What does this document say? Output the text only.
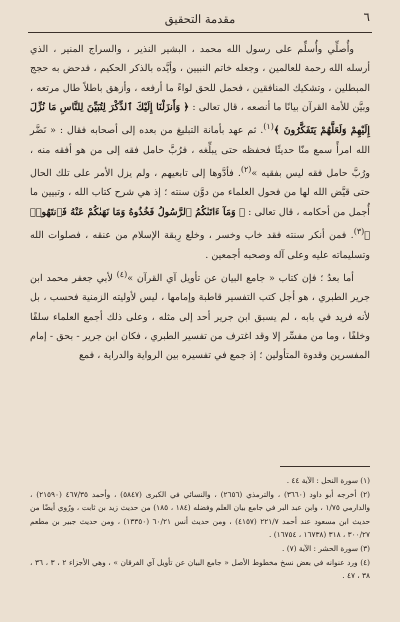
٦
مقدمة التحقيق

وأُصلِّي وأُسلِّم على رسول الله محمد ، البشير النذير ، والسراج المنير ، الذي أرسله الله رحمة للعالمين ، وجعله خاتم النبيين ، وأيَّده بالذكر الحكيم ، فدحض به حجج المبطلين ، وتشكيك المنافقين ، فحمل للحق لواءً ما أرفعه ، وأزهق باطلاً طال مرتعه ، وبيَّن للأمة القرآن بيانًا ما أنصعه ، قال تعالى : ﴿ وَأَنزَلْنَا إِلَيْكَ ٱلذِّكْرَ لِتُبَيِّنَ لِلنَّاسِ مَا نُزِّلَ إِلَيْهِمْ وَلَعَلَّهُمْ يَتَفَكَّرُونَ ﴾$^{(١)}$. ثم عهد بأمانة التبليغ من بعده إلى أصحابه فقال : « نَضَّر الله امرأً سمع منّا حديثًا فحفظه حتى يبلِّغه ، فرُبَّ حامل فقه إلى من هو أفقه منه ، ورُبَّ حامل فقه ليس بفقيه »$^{(٢)}$. فأدَّوها إلى تابعيهم ، ولم يزل الأمر على تلك الحال حتى قيَّض الله لها من فحول العلماء من دوَّن سنته ؛ إذ هي شرح كتاب الله ، وتبيين ما أُجمل من أحكامه ، قال تعالى : ﴿ وَمَآ ءَاتَىٰكُمُ ٱلرَّسُولُ فَخُذُوهُ وَمَا نَهَىٰكُمْ عَنْهُ فَٱنتَهُوا۟ ﴾$^{(٣)}$. فمن أنكر سنته فقد خاب وخسر ، وخلع رِبقة الإسلام من عنقه ، فصلوات الله وتسليماته عليه وعلى آله وصحبه أجمعين .

أما بعدُ ؛ فإن كتاب « جامع البيان عن تأويل آي القرآن »$^{(٤)}$ لأبي جعفر محمد ابن جرير الطبري ، هو أجل كتب التفسير قاطبة وإمامها ، ليس لأوليته الزمنية فحسب ، بل لأنه فريد في بابه ، لم يسبق ابن جرير أحد إلى مثله ، وعلى ذلك أجمع العلماء سلفًا وخلفًا ، وما من مفسِّر إلا وقد اغترف من تفسير الطبري ، فكان ابن جرير - بحق - إمام المفسرين وقدوة المتأولين ؛ إذ جمع في تفسيره بين الرواية والدراية ، فمع

(١) سورة النحل : الآية ٤٤ .

(٢) أخرجه أبو داود (٣٦٦٠) ، والترمذي (٢٦٥٦) ، والنسائي في الكبرى (٥٨٤٧) ، وأحمد ٤٦٧/٣٥ (٢١٥٩٠) ، والدارمي ١/٧٥ ، وابن عبد البر في جامع بيان العلم وفضله (١٨٤ ، ١٨٥) من حديث زيد بن ثابت ، ورُوي أيضًا من حديث ابن مسعود عند أحمد ٢٢١/٧ (٤١٥٧) ، ومن حديث أنس ٦٠/٢١ (١٣٣٥٠) ، ومن حديث جبير بن مطعم ٣٠٠/٢٧ ، ٣١٨ (١٦٧٣٨ ، ١٦٧٥٤) .

(٣) سورة الحشر : الآية (٧) .

(٤) ورد عنوانه في بعض نسخ مخطوط الأصل « جامع البيان عن تأويل آي الفرقان » ، وهي الأجزاء ٢ ، ٣ ، ٣٦ ، ٣٨ ، ٤٧ .
